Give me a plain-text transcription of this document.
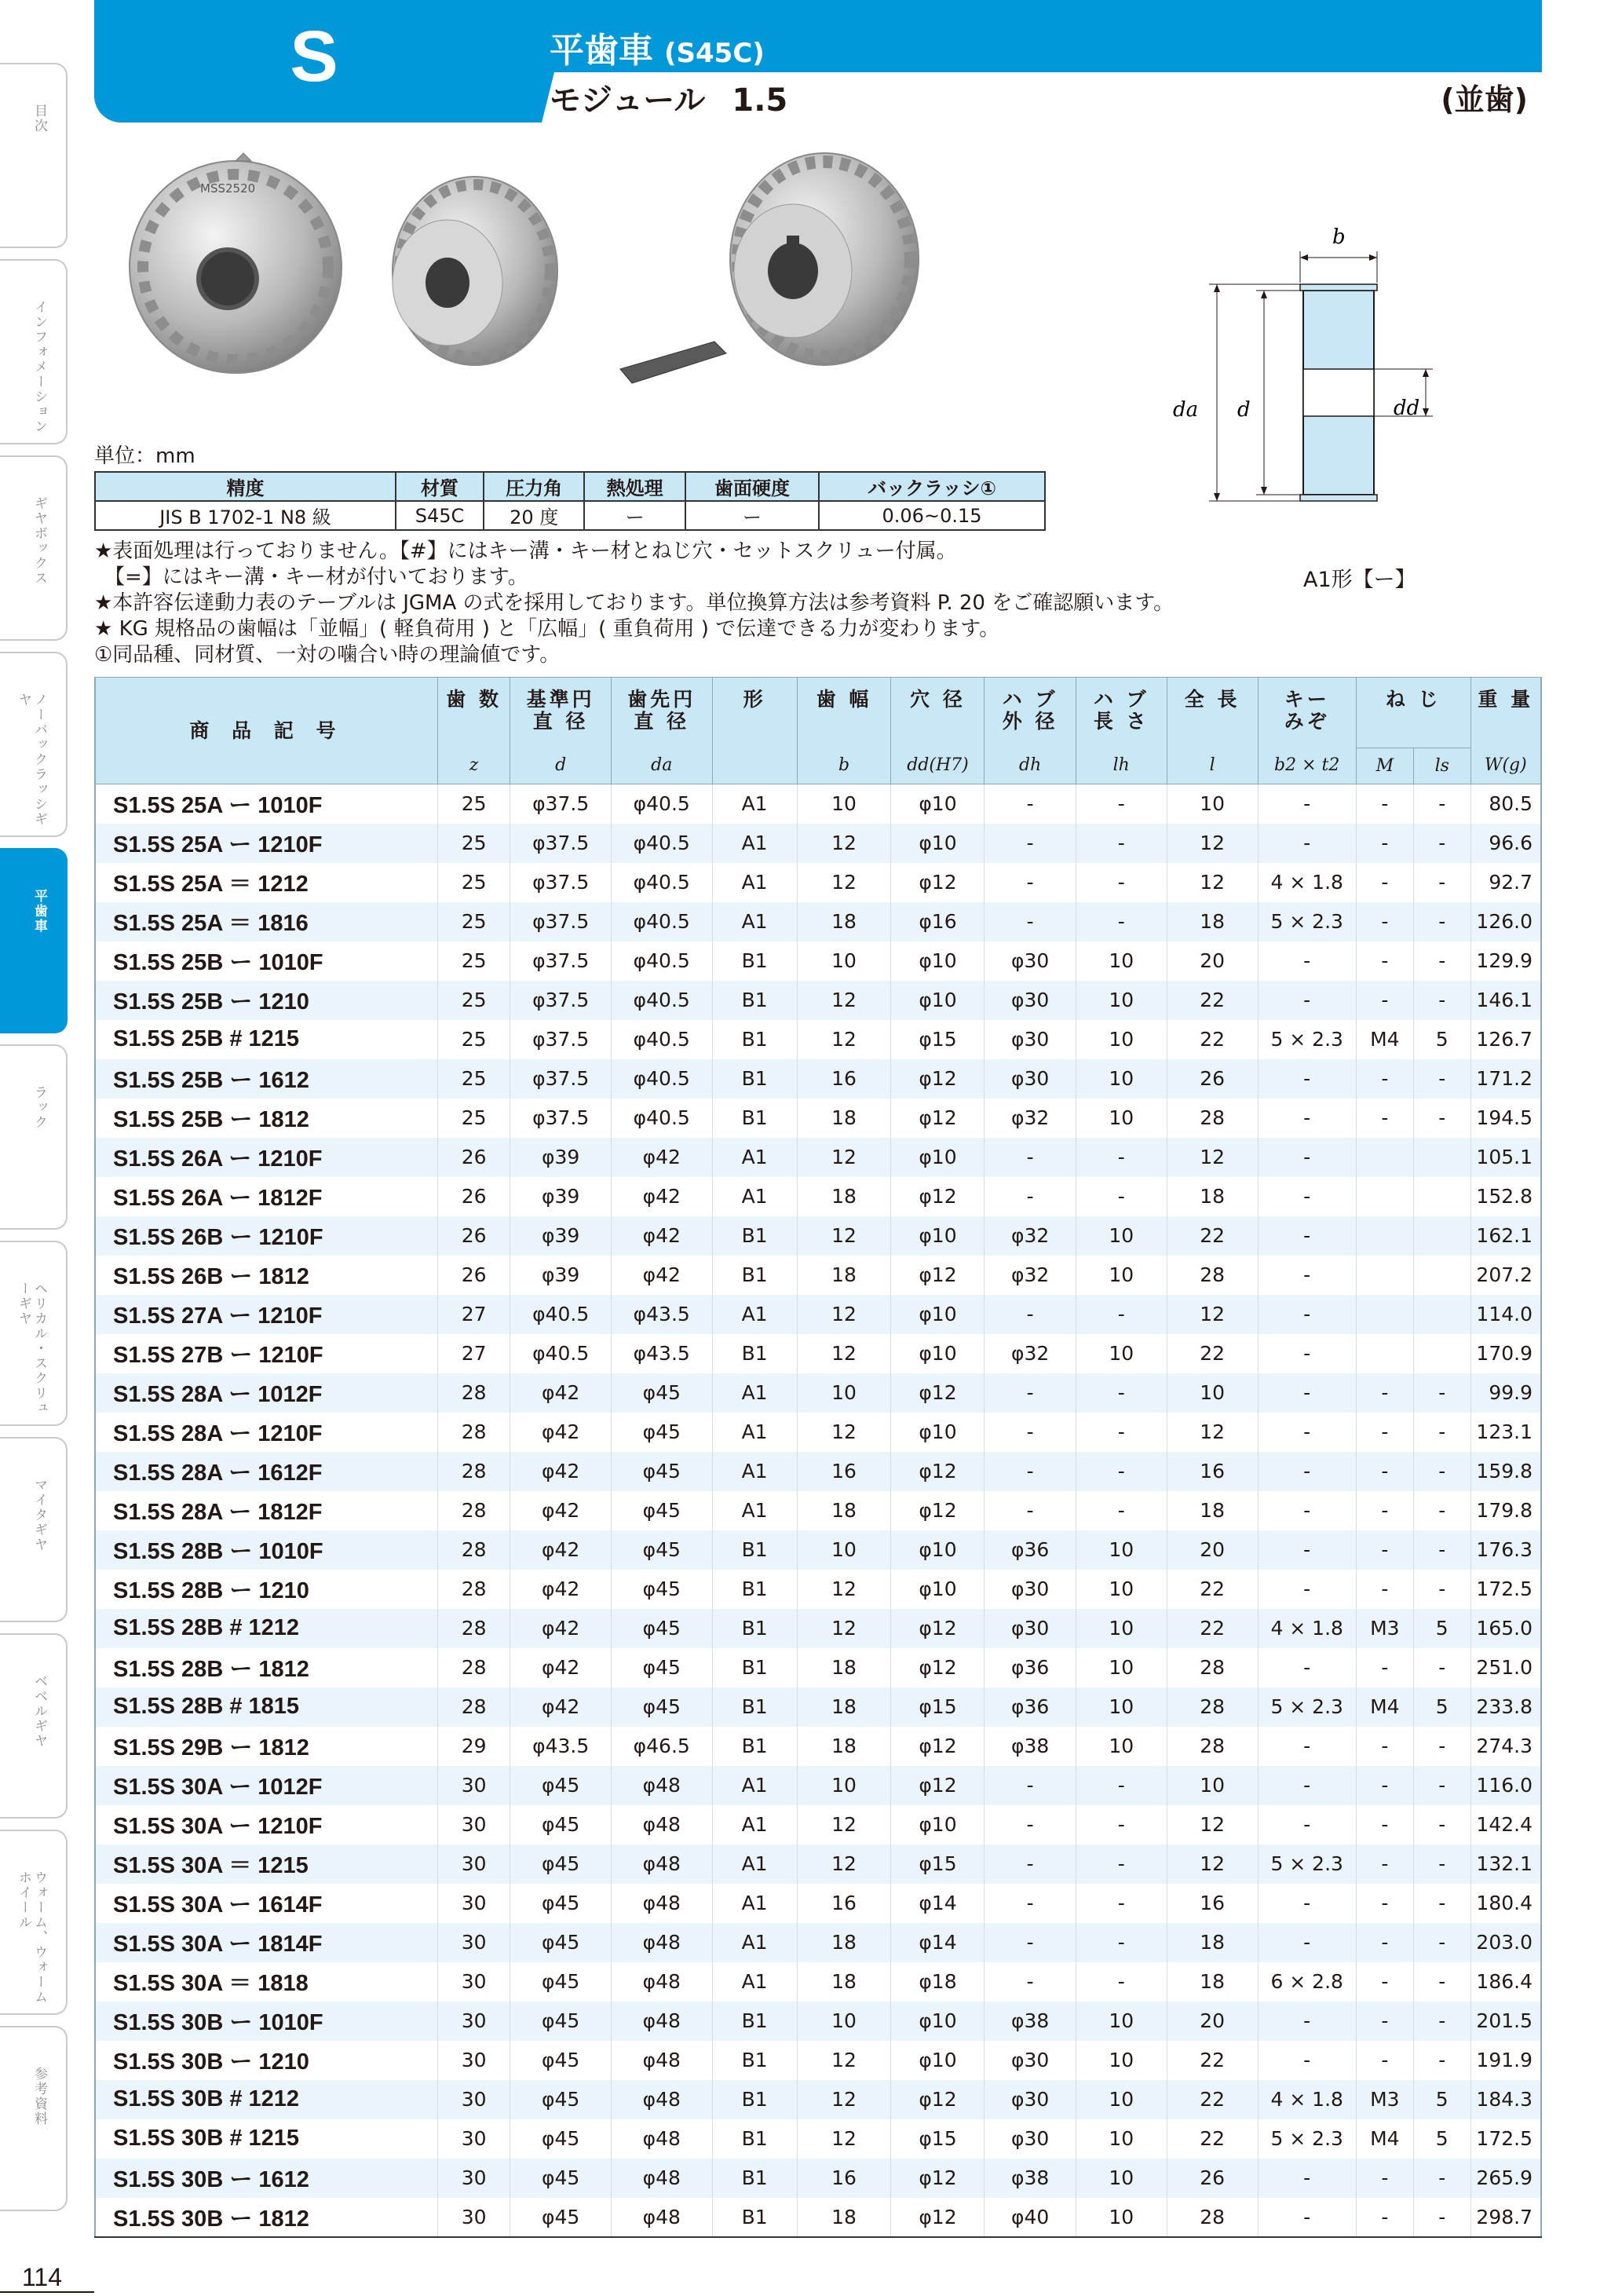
目次
インフォメーション
ギヤボックス
ノーバックラッシギヤ
平歯車
ラック
ヘリカル・スクリューギヤ
マイタギヤ
ベベルギヤ
ウォーム、ウォームホイール
参考資料
S	平歯車 (S45C)
モジュール 1.5	(並歯)
MSS2520
b
da d	dd
A1形【ー】
単位：mm
精度	材質	圧力角	熱処理	歯面硬度	バックラッシ①
JIS B 1702-1 N8 級	S45C	20 度	ー	ー	0.06~0.15
★表面処理は行っておりません。【#】にはキー溝・キー材とねじ穴・セットスクリュー付属。
　【=】にはキー溝・キー材が付いております。
★本許容伝達動力表のテーブルは JGMA の式を採用しております。単位換算方法は参考資料 P. 20 をご確認願います。
★ KG 規格品の歯幅は「並幅」( 軽負荷用 ) と「広幅」( 重負荷用 ) で伝達できる力が変わります。
①同品種、同材質、一対の噛合い時の理論値です。
商 品 記 号	歯 数	基準円
直 径	歯先円
直 径	形	歯 幅	穴 径	ハ ブ
外 径	ハ ブ
長 さ	全 長	キー
みぞ	ね じ		重 量
	z	d	da		b	dd(H7)	dh	lh	l	b2 × t2	M	ls	W(g)
S1.5S 25A ー 1010F	25	φ37.5	φ40.5	A1	10	φ10	-	-	10	-	-	-	80.5
S1.5S 25A ー 1210F	25	φ37.5	φ40.5	A1	12	φ10	-	-	12	-	-	-	96.6
S1.5S 25A ＝ 1212	25	φ37.5	φ40.5	A1	12	φ12	-	-	12	4 × 1.8	-	-	92.7
S1.5S 25A ＝ 1816	25	φ37.5	φ40.5	A1	18	φ16	-	-	18	5 × 2.3	-	-	126.0
S1.5S 25B ー 1010F	25	φ37.5	φ40.5	B1	10	φ10	φ30	10	20	-	-	-	129.9
S1.5S 25B ー 1210	25	φ37.5	φ40.5	B1	12	φ10	φ30	10	22	-	-	-	146.1
S1.5S 25B # 1215	25	φ37.5	φ40.5	B1	12	φ15	φ30	10	22	5 × 2.3	M4	5	126.7
S1.5S 25B ー 1612	25	φ37.5	φ40.5	B1	16	φ12	φ30	10	26	-	-	-	171.2
S1.5S 25B ー 1812	25	φ37.5	φ40.5	B1	18	φ12	φ32	10	28	-	-	-	194.5
S1.5S 26A ー 1210F	26	φ39	φ42	A1	12	φ10	-	-	12	-			105.1
S1.5S 26A ー 1812F	26	φ39	φ42	A1	18	φ12	-	-	18	-			152.8
S1.5S 26B ー 1210F	26	φ39	φ42	B1	12	φ10	φ32	10	22	-			162.1
S1.5S 26B ー 1812	26	φ39	φ42	B1	18	φ12	φ32	10	28	-			207.2
S1.5S 27A ー 1210F	27	φ40.5	φ43.5	A1	12	φ10	-	-	12	-			114.0
S1.5S 27B ー 1210F	27	φ40.5	φ43.5	B1	12	φ10	φ32	10	22	-			170.9
S1.5S 28A ー 1012F	28	φ42	φ45	A1	10	φ12	-	-	10	-	-	-	99.9
S1.5S 28A ー 1210F	28	φ42	φ45	A1	12	φ10	-	-	12	-	-	-	123.1
S1.5S 28A ー 1612F	28	φ42	φ45	A1	16	φ12	-	-	16	-	-	-	159.8
S1.5S 28A ー 1812F	28	φ42	φ45	A1	18	φ12	-	-	18	-	-	-	179.8
S1.5S 28B ー 1010F	28	φ42	φ45	B1	10	φ10	φ36	10	20	-	-	-	176.3
S1.5S 28B ー 1210	28	φ42	φ45	B1	12	φ10	φ30	10	22	-	-	-	172.5
S1.5S 28B # 1212	28	φ42	φ45	B1	12	φ12	φ30	10	22	4 × 1.8	M3	5	165.0
S1.5S 28B ー 1812	28	φ42	φ45	B1	18	φ12	φ36	10	28	-	-	-	251.0
S1.5S 28B # 1815	28	φ42	φ45	B1	18	φ15	φ36	10	28	5 × 2.3	M4	5	233.8
S1.5S 29B ー 1812	29	φ43.5	φ46.5	B1	18	φ12	φ38	10	28	-	-	-	274.3
S1.5S 30A ー 1012F	30	φ45	φ48	A1	10	φ12	-	-	10	-	-	-	116.0
S1.5S 30A ー 1210F	30	φ45	φ48	A1	12	φ10	-	-	12	-	-	-	142.4
S1.5S 30A ＝ 1215	30	φ45	φ48	A1	12	φ15	-	-	12	5 × 2.3	-	-	132.1
S1.5S 30A ー 1614F	30	φ45	φ48	A1	16	φ14	-	-	16	-	-	-	180.4
S1.5S 30A ー 1814F	30	φ45	φ48	A1	18	φ14	-	-	18	-	-	-	203.0
S1.5S 30A ＝ 1818	30	φ45	φ48	A1	18	φ18	-	-	18	6 × 2.8	-	-	186.4
S1.5S 30B ー 1010F	30	φ45	φ48	B1	10	φ10	φ38	10	20	-	-	-	201.5
S1.5S 30B ー 1210	30	φ45	φ48	B1	12	φ10	φ30	10	22	-	-	-	191.9
S1.5S 30B # 1212	30	φ45	φ48	B1	12	φ12	φ30	10	22	4 × 1.8	M3	5	184.3
S1.5S 30B # 1215	30	φ45	φ48	B1	12	φ15	φ30	10	22	5 × 2.3	M4	5	172.5
S1.5S 30B ー 1612	30	φ45	φ48	B1	16	φ12	φ38	10	26	-	-	-	265.9
S1.5S 30B ー 1812	30	φ45	φ48	B1	18	φ12	φ40	10	28	-	-	-	298.7
114
